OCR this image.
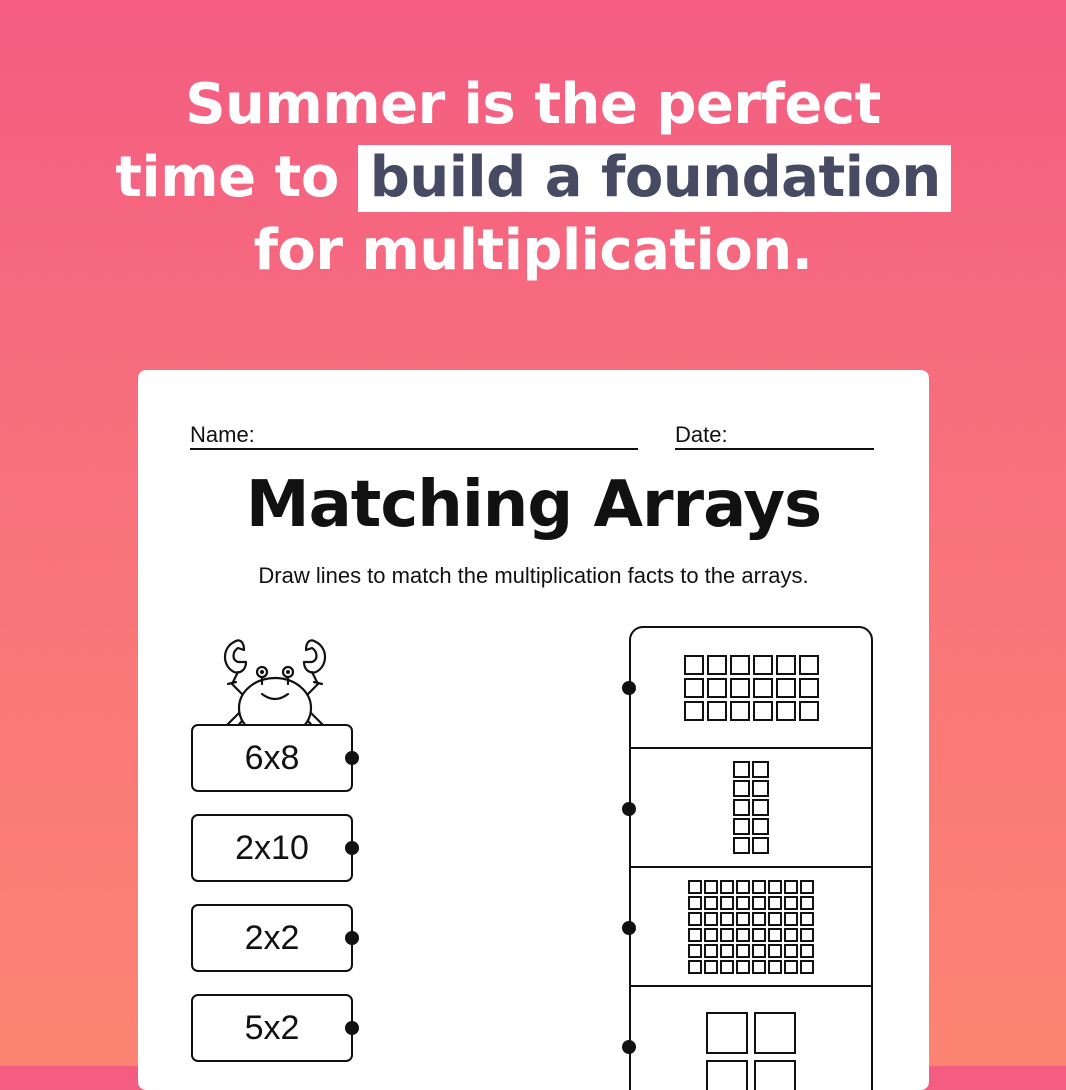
Summer is the perfect
time to build a foundation
for multiplication.
Name:	Date:
Matching Arrays
Draw lines to match the multiplication facts to the arrays.
6x8
2x10
2x2
5x2
